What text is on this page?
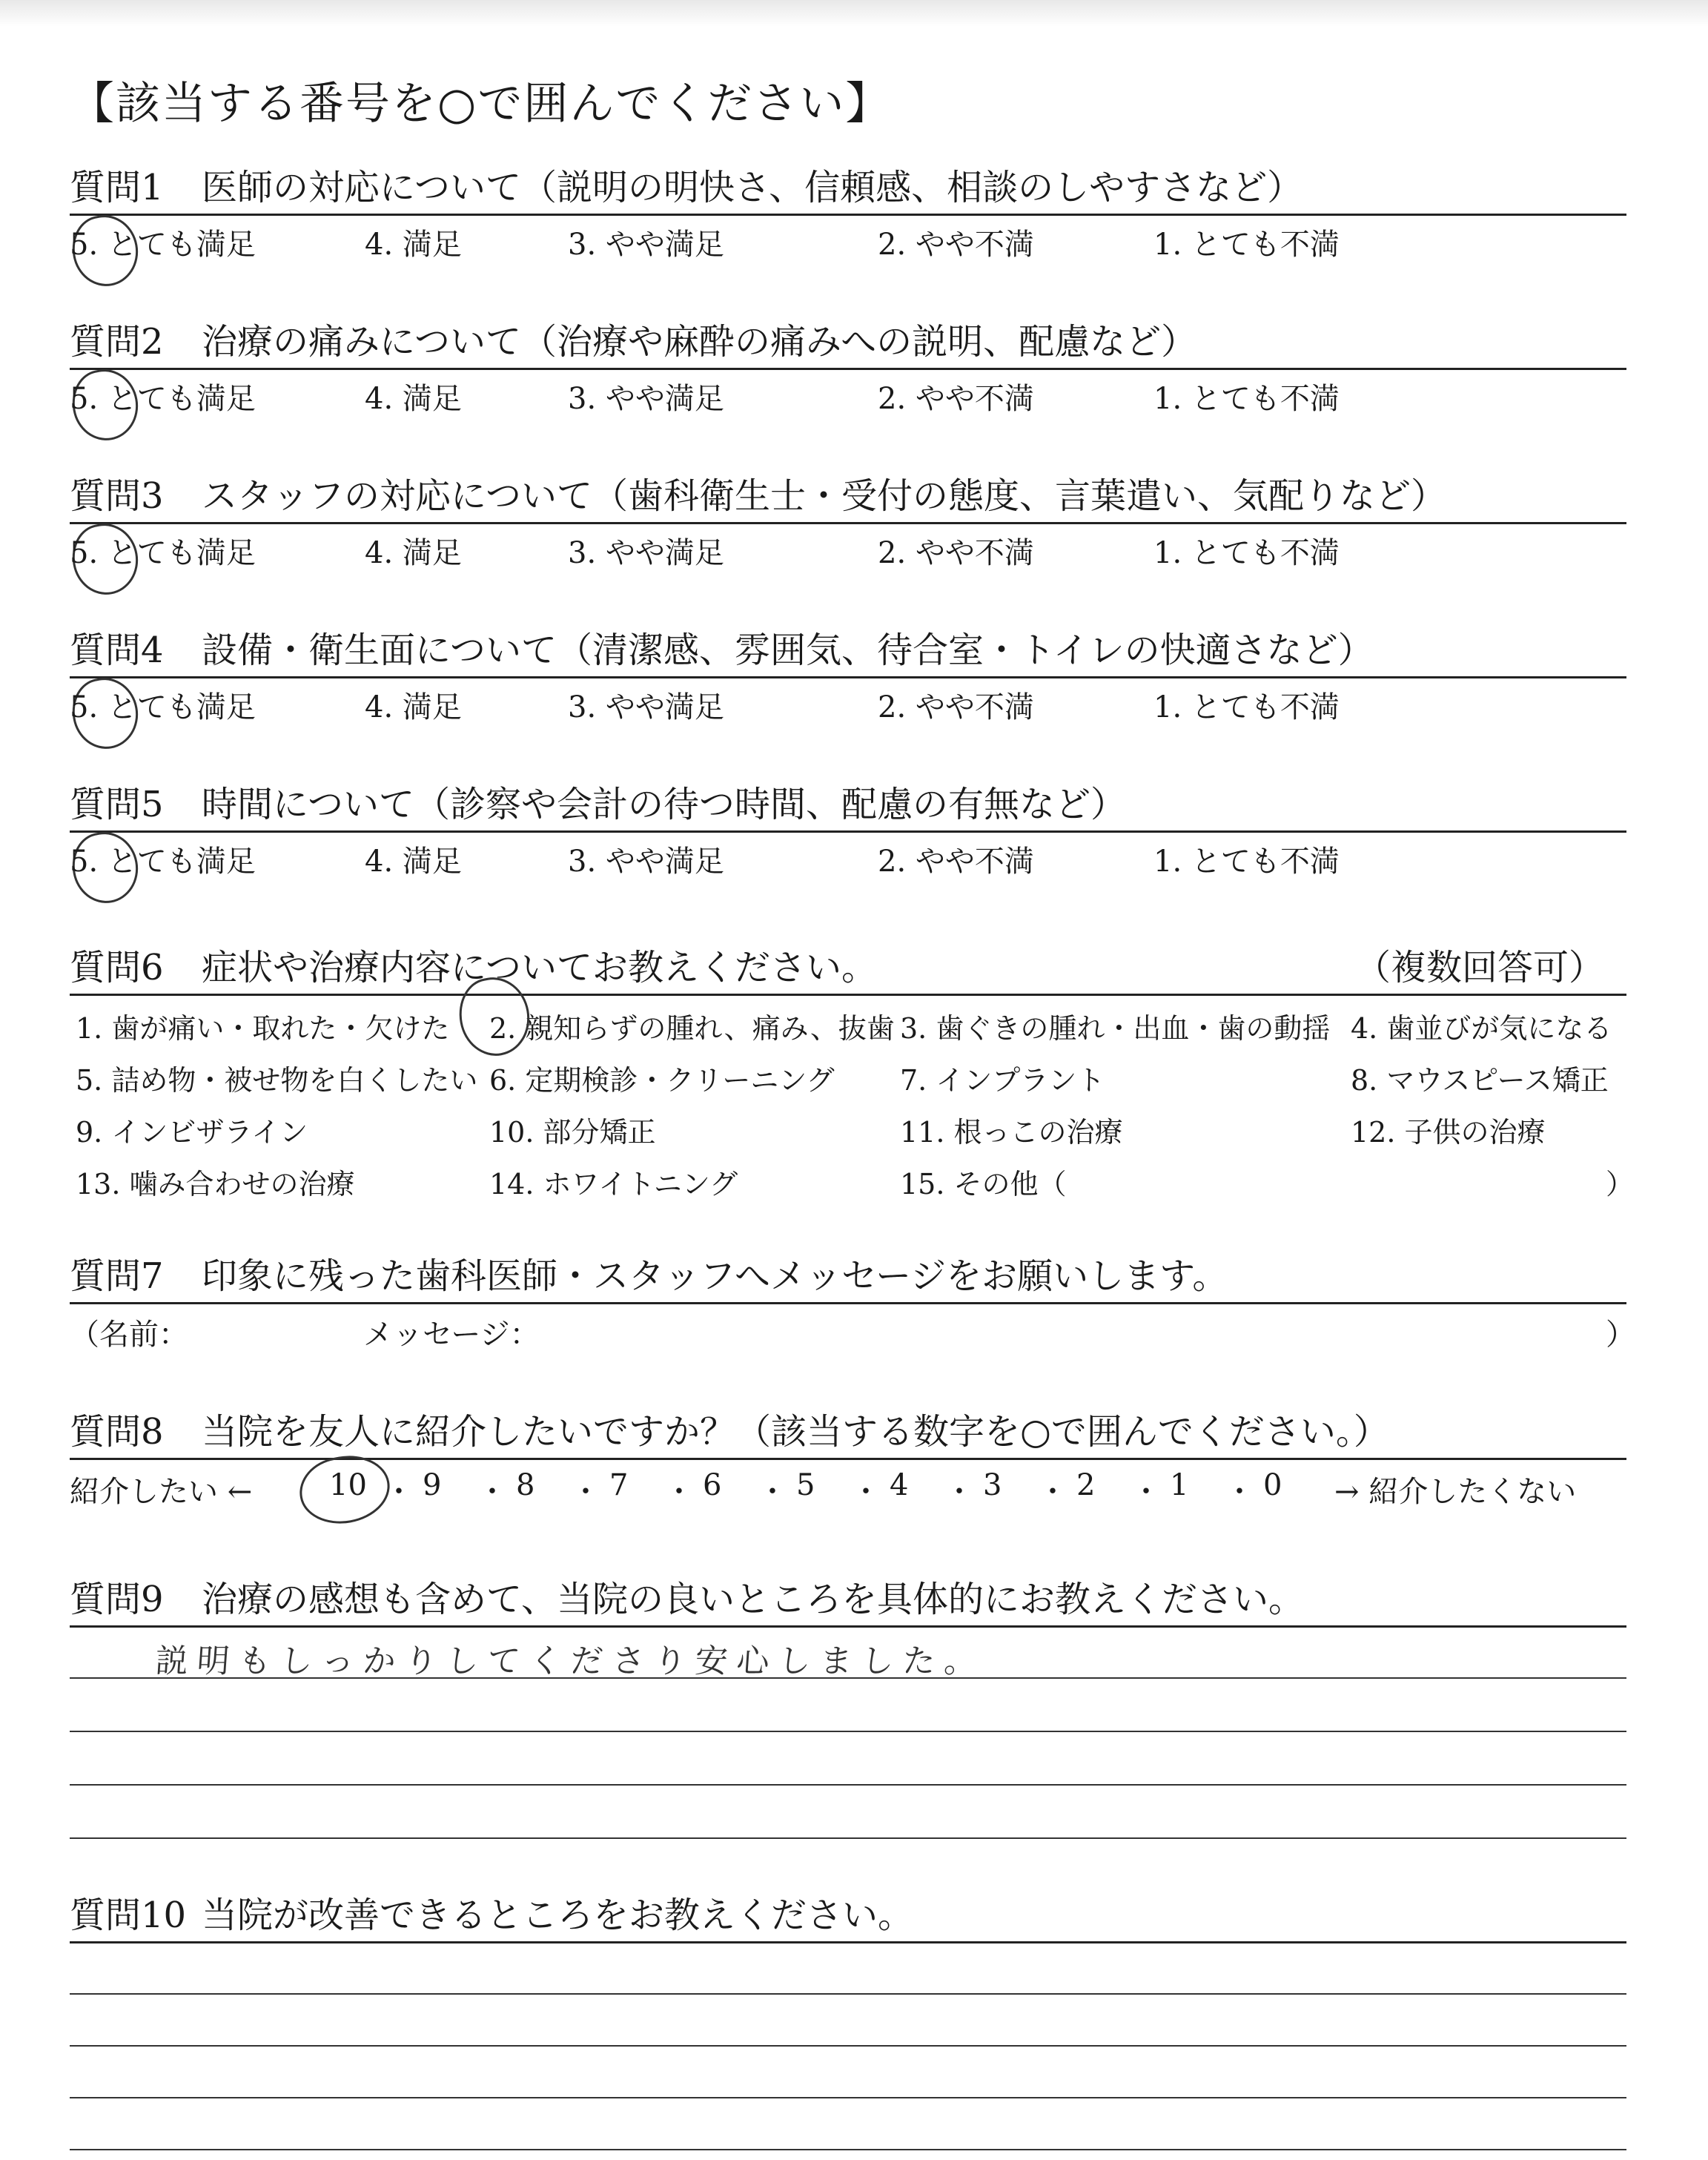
【該当する番号を○で囲んでください】
質問1 医師の対応について（説明の明快さ、信頼感、相談のしやすさなど）
5. とても満足	4. 満足	3. やや満足	2. やや不満	1. とても不満
質問2 治療の痛みについて（治療や麻酔の痛みへの説明、配慮など）
5. とても満足	4. 満足	3. やや満足	2. やや不満	1. とても不満
質問3 スタッフの対応について（歯科衛生士・受付の態度、言葉遣い、気配りなど）
5. とても満足	4. 満足	3. やや満足	2. やや不満	1. とても不満
質問4 設備・衛生面について（清潔感、雰囲気、待合室・トイレの快適さなど）
5. とても満足	4. 満足	3. やや満足	2. やや不満	1. とても不満
質問5 時間について（診察や会計の待つ時間、配慮の有無など）
5. とても満足	4. 満足	3. やや満足	2. やや不満	1. とても不満
質問6 症状や治療内容についてお教えください。	（複数回答可）
1. 歯が痛い・取れた・欠けた 2. 親知らずの腫れ、痛み、抜歯 3. 歯ぐきの腫れ・出血・歯の動揺 4. 歯並びが気になる
5. 詰め物・被せ物を白くしたい 6. 定期検診・クリーニング 7. インプラント	8. マウスピース矯正
9. インビザライン	10. 部分矯正	11. 根っこの治療	12. 子供の治療
13. 噛み合わせの治療	14. ホワイトニング	15. その他（	）
質問7 印象に残った歯科医師・スタッフへメッセージをお願いします。
（名前：	メッセージ：	）
質問8 当院を友人に紹介したいですか？（該当する数字を○で囲んでください。）
紹介したい ←	→ 紹介したくない
10 ・ 9 ・ 8 ・ 7 ・ 6 ・ 5 ・ 4 ・ 3 ・ 2 ・ 1 ・ 0
質問9 治療の感想も含めて、当院の良いところを具体的にお教えください。
説明もしっかりしてくださり安心しました。
質問10 当院が改善できるところをお教えください。
